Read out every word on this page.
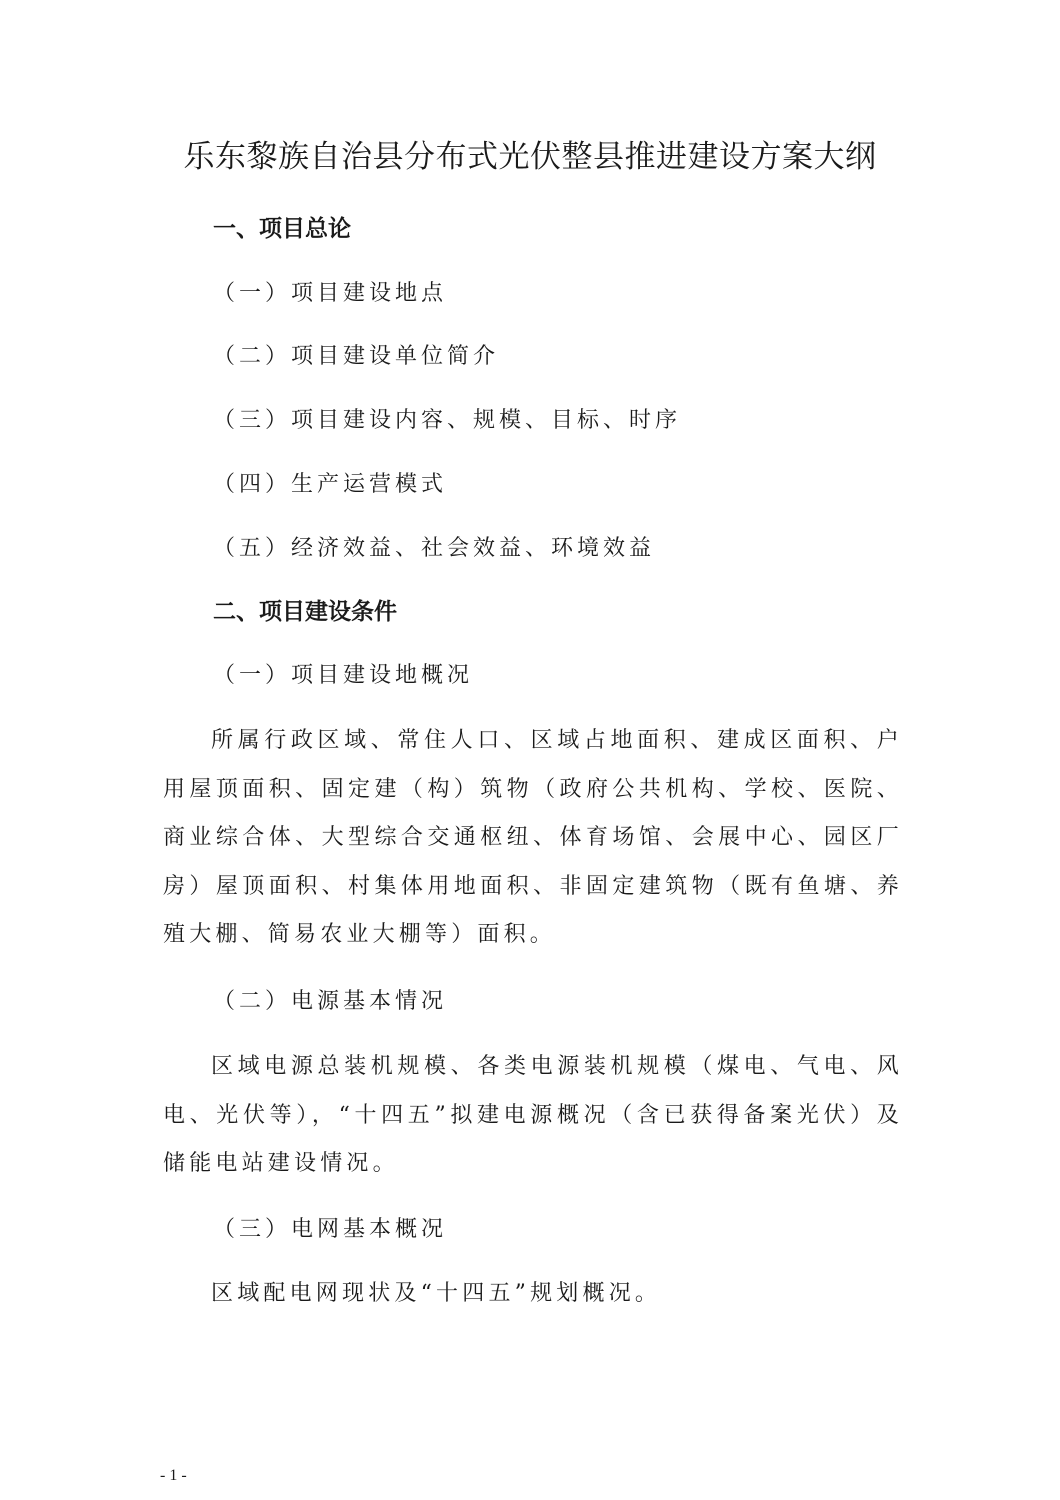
乐东黎族自治县分布式光伏整县推进建设方案大纲
一、项目总论
（一）项目建设地点
（二）项目建设单位简介
（三）项目建设内容、规模、目标、时序
（四）生产运营模式
（五）经济效益、社会效益、环境效益
二、项目建设条件
（一）项目建设地概况

所属行政区域、常住人口、区域占地面积、建成区面积、户用屋顶面积、固定建（构）筑物（政府公共机构、学校、医院、商业综合体、大型综合交通枢纽、体育场馆、会展中心、园区厂房）屋顶面积、村集体用地面积、非固定建筑物（既有鱼塘、养殖大棚、简易农业大棚等）面积。

（二）电源基本情况

区域电源总装机规模、各类电源装机规模（煤电、气电、风电、光伏等），“十四五”拟建电源概况（含已获得备案光伏）及储能电站建设情况。

（三）电网基本概况

区域配电网现状及“十四五”规划概况。

- 1 -
